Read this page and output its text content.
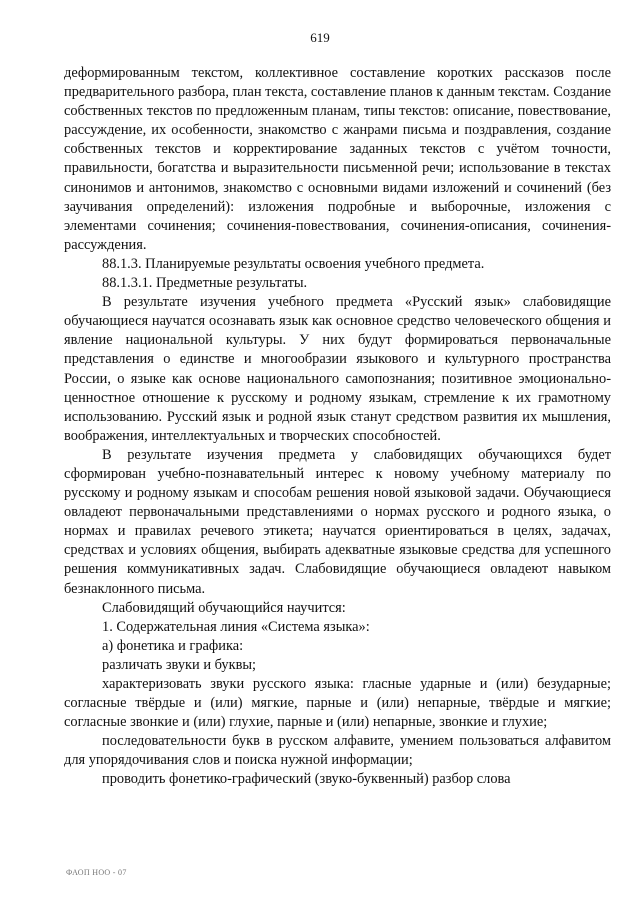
619

деформированным текстом, коллективное составление коротких рассказов после предварительного разбора, план текста, составление планов к данным текстам. Создание собственных текстов по предложенным планам, типы текстов: описание, повествование, рассуждение, их особенности, знакомство с жанрами письма и поздравления, создание собственных текстов и корректирование заданных текстов с учётом точности, правильности, богатства и выразительности письменной речи; использование в текстах синонимов и антонимов, знакомство с основными видами изложений и сочинений (без заучивания определений): изложения подробные и выборочные, изложения с элементами сочинения; сочинения-повествования, сочинения-описания, сочинения-рассуждения.

88.1.3. Планируемые результаты освоения учебного предмета.

88.1.3.1. Предметные результаты.

В результате изучения учебного предмета «Русский язык» слабовидящие обучающиеся научатся осознавать язык как основное средство человеческого общения и явление национальной культуры. У них будут формироваться первоначальные представления о единстве и многообразии языкового и культурного пространства России, о языке как основе национального самопознания; позитивное эмоционально-ценностное отношение к русскому и родному языкам, стремление к их грамотному использованию. Русский язык и родной язык станут средством развития их мышления, воображения, интеллектуальных и творческих способностей.

В результате изучения предмета у слабовидящих обучающихся будет сформирован учебно-познавательный интерес к новому учебному материалу по русскому и родному языкам и способам решения новой языковой задачи. Обучающиеся овладеют первоначальными представлениями о нормах русского и родного языка, о нормах и правилах речевого этикета; научатся ориентироваться в целях, задачах, средствах и условиях общения, выбирать адекватные языковые средства для успешного решения коммуникативных задач. Слабовидящие обучающиеся овладеют навыком безнаклонного письма.

Слабовидящий обучающийся научится:

1. Содержательная линия «Система языка»:

а) фонетика и графика:

различать звуки и буквы;

характеризовать звуки русского языка: гласные ударные и (или) безударные; согласные твёрдые и (или) мягкие, парные и (или) непарные, твёрдые и мягкие; согласные звонкие и (или) глухие, парные и (или) непарные, звонкие и глухие;

последовательности букв в русском алфавите, умением пользоваться алфавитом для упорядочивания слов и поиска нужной информации;

проводить фонетико-графический (звуко-буквенный) разбор слова

ФАОП НОО - 07
